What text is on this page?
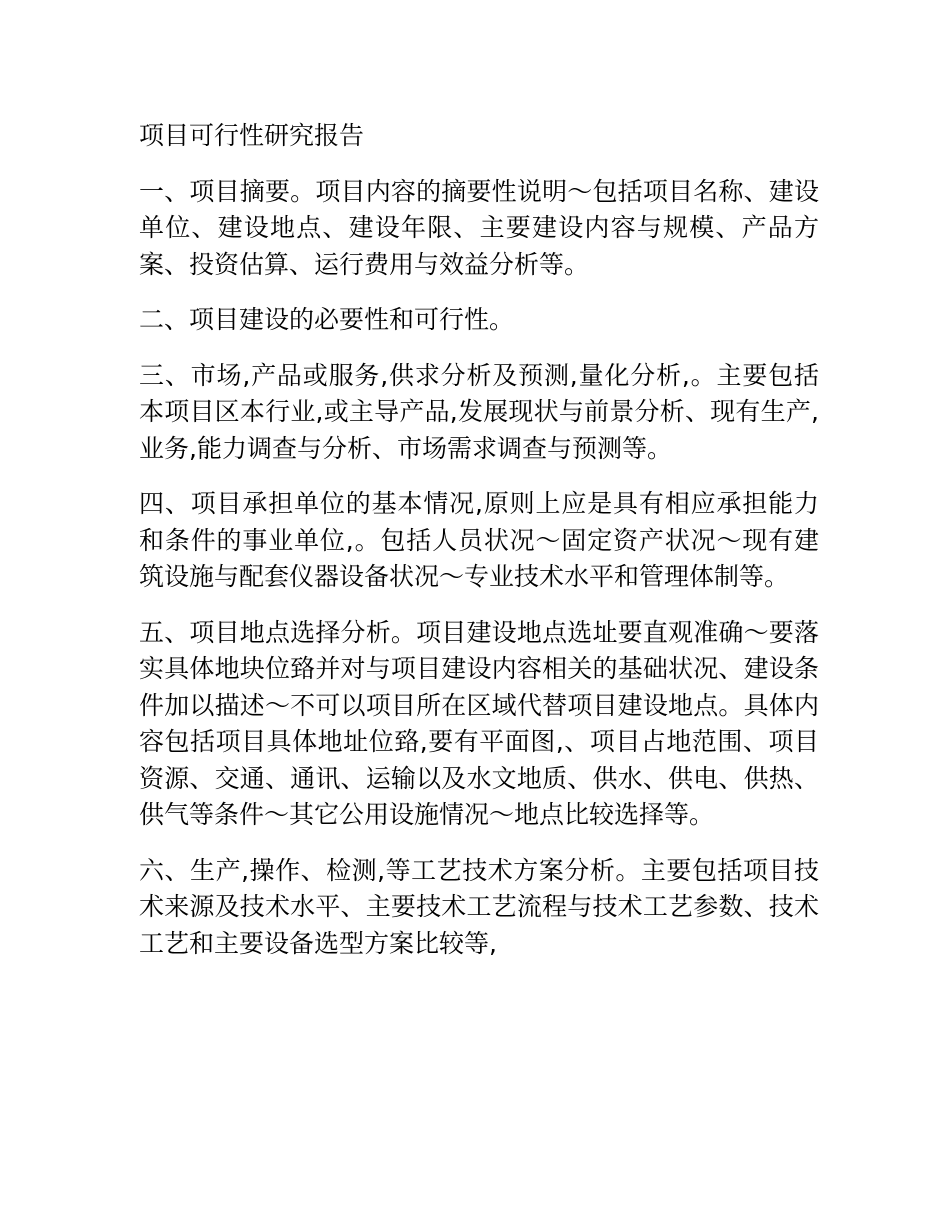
项目可行性研究报告

一、项目摘要。项目内容的摘要性说明～包括项目名称、建设单位、建设地点、建设年限、主要建设内容与规模、产品方案、投资估算、运行费用与效益分析等。

二、项目建设的必要性和可行性。

三、市场,产品或服务,供求分析及预测,量化分析,。主要包括本项目区本行业,或主导产品,发展现状与前景分析、现有生产,业务,能力调查与分析、市场需求调查与预测等。

四、项目承担单位的基本情况,原则上应是具有相应承担能力和条件的事业单位,。包括人员状况～固定资产状况～现有建筑设施与配套仪器设备状况～专业技术水平和管理体制等。

五、项目地点选择分析。项目建设地点选址要直观准确～要落实具体地块位臵并对与项目建设内容相关的基础状况、建设条件加以描述～不可以项目所在区域代替项目建设地点。具体内容包括项目具体地址位臵,要有平面图,、项目占地范围、项目资源、交通、通讯、运输以及水文地质、供水、供电、供热、供气等条件～其它公用设施情况～地点比较选择等。

六、生产,操作、检测,等工艺技术方案分析。主要包括项目技术来源及技术水平、主要技术工艺流程与技术工艺参数、技术工艺和主要设备选型方案比较等,
